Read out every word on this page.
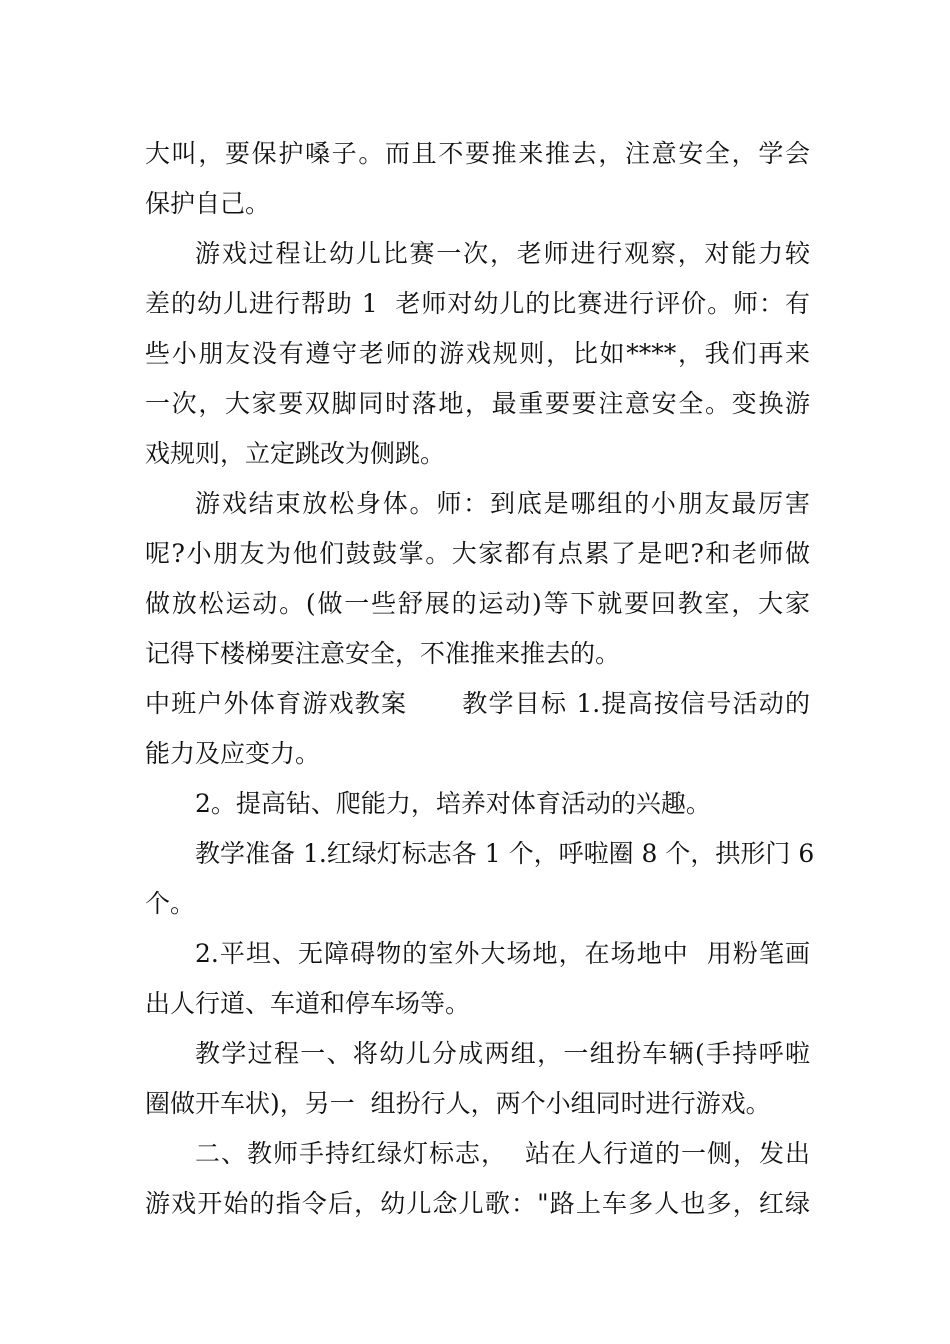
大叫，要保护嗓子。而且不要推来推去，注意安全，学会
保护自己。
游戏过程让幼儿比赛一次，老师进行观察，对能力较
差的幼儿进行帮助 1  老师对幼儿的比赛进行评价。师：有
些小朋友没有遵守老师的游戏规则，比如****，我们再来
一次，大家要双脚同时落地，最重要要注意安全。变换游
戏规则，立定跳改为侧跳。
游戏结束放松身体。师：到底是哪组的小朋友最厉害
呢?小朋友为他们鼓鼓掌。大家都有点累了是吧?和老师做
做放松运动。(做一些舒展的运动)等下就要回教室，大家
记得下楼梯要注意安全，不准推来推去的。
中班户外体育游戏教案      教学目标 1.提高按信号活动的
能力及应变力。
2。提高钻、爬能力，培养对体育活动的兴趣。
教学准备 1.红绿灯标志各 1 个，呼啦圈 8 个，拱形门 6
个。
2.平坦、无障碍物的室外大场地，在场地中  用粉笔画
出人行道、车道和停车场等。
教学过程一、将幼儿分成两组，一组扮车辆(手持呼啦
圈做开车状)，另一  组扮行人，两个小组同时进行游戏。
二、教师手持红绿灯标志，  站在人行道的一侧，发出
游戏开始的指令后，幼儿念儿歌："路上车多人也多，红绿
